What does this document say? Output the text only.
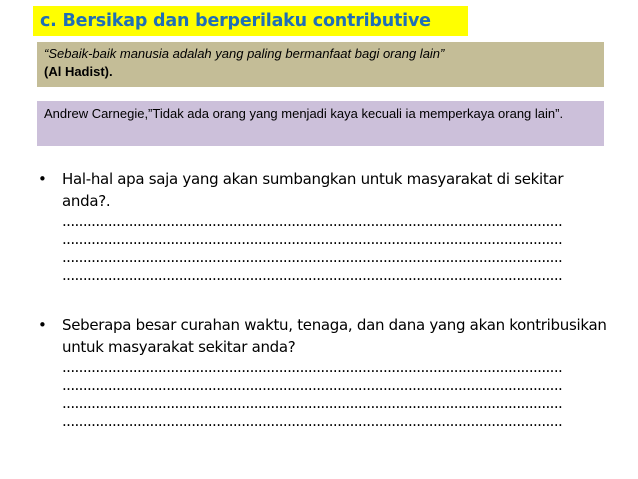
c. Bersikap dan berperilaku contributive
“Sebaik-baik manusia adalah yang paling bermanfaat bagi orang lain”
(Al Hadist).
Andrew Carnegie,”Tidak ada orang yang menjadi kaya kecuali ia memperkaya orang lain”.
• Hal-hal apa saja yang akan sumbangkan untuk masyarakat di sekitar anda?.
........................................................................................................................
........................................................................................................................
........................................................................................................................
........................................................................................................................
• Seberapa besar curahan waktu, tenaga, dan dana yang akan kontribusikan untuk masyarakat sekitar anda?
........................................................................................................................
........................................................................................................................
........................................................................................................................
........................................................................................................................
